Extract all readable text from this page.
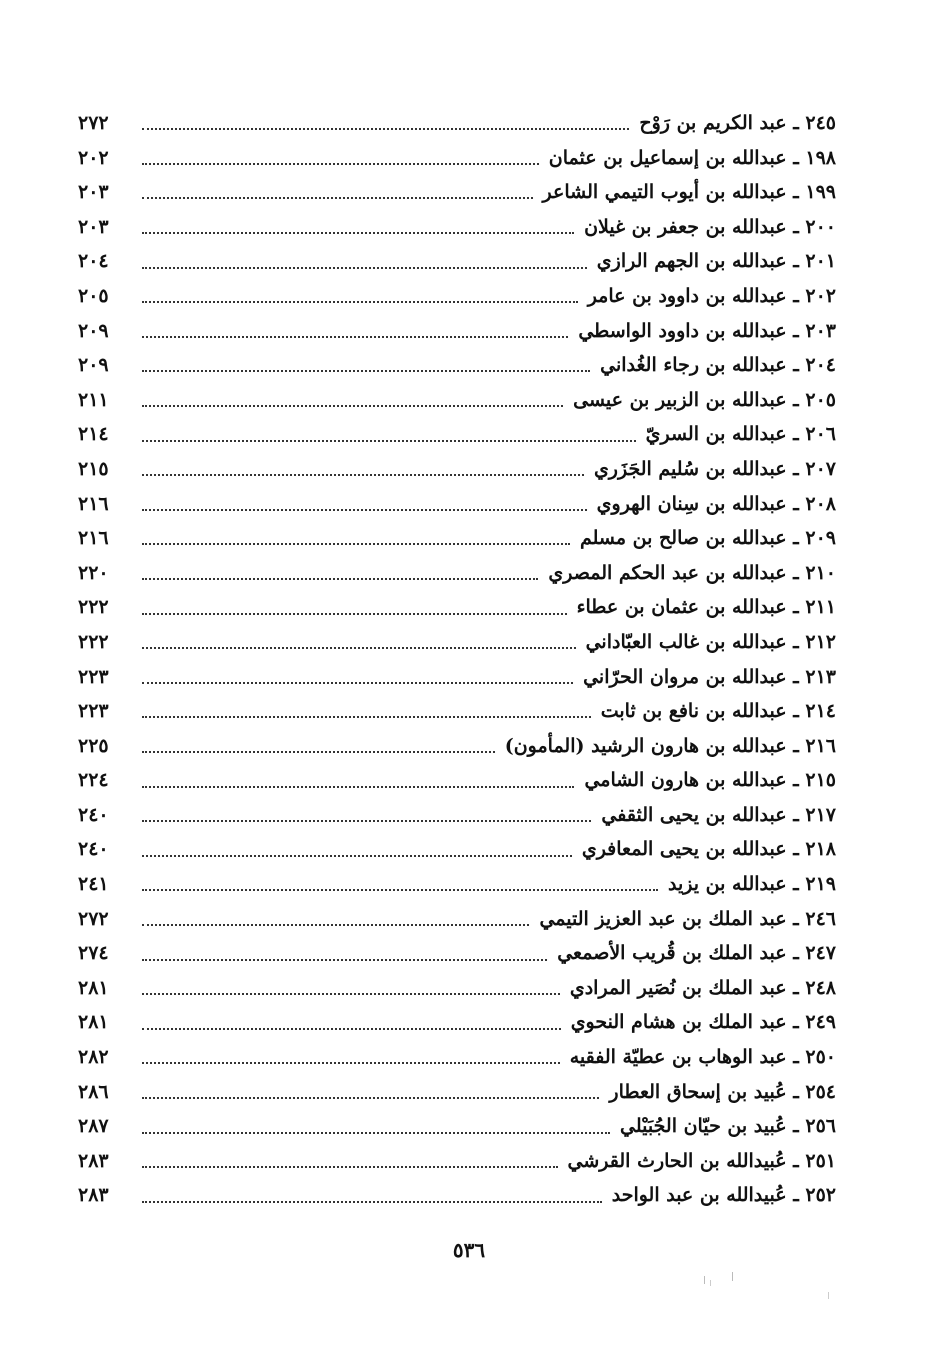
٢٤٥ ـ عبد الكريم بن رَوْح
٢٧٢
١٩٨ ـ عبدالله بن إسماعيل بن عثمان
٢٠٢
١٩٩ ـ عبدالله بن أيوب التيمي الشاعر
٢٠٣
٢٠٠ ـ عبدالله بن جعفر بن غيلان
٢٠٣
٢٠١ ـ عبدالله بن الجهم الرازي
٢٠٤
٢٠٢ ـ عبدالله بن داوود بن عامر
٢٠٥
٢٠٣ ـ عبدالله بن داوود الواسطي
٢٠٩
٢٠٤ ـ عبدالله بن رجاء الغُداني
٢٠٩
٢٠٥ ـ عبدالله بن الزبير بن عيسى
٢١١
٢٠٦ ـ عبدالله بن السريّ
٢١٤
٢٠٧ ـ عبدالله بن سُليم الجَزَري
٢١٥
٢٠٨ ـ عبدالله بن سِنان الهروي
٢١٦
٢٠٩ ـ عبدالله بن صالح بن مسلم
٢١٦
٢١٠ ـ عبدالله بن عبد الحكم المصري
٢٢٠
٢١١ ـ عبدالله بن عثمان بن عطاء
٢٢٢
٢١٢ ـ عبدالله بن غالب العبّاداني
٢٢٢
٢١٣ ـ عبدالله بن مروان الحرّاني
٢٢٣
٢١٤ ـ عبدالله بن نافع بن ثابت
٢٢٣
٢١٦ ـ عبدالله بن هارون الرشيد (المأمون)
٢٢٥
٢١٥ ـ عبدالله بن هارون الشامي
٢٢٤
٢١٧ ـ عبدالله بن يحيى الثقفي
٢٤٠
٢١٨ ـ عبدالله بن يحيى المعافري
٢٤٠
٢١٩ ـ عبدالله بن يزيد
٢٤١
٢٤٦ ـ عبد الملك بن عبد العزيز التيمي
٢٧٢
٢٤٧ ـ عبد الملك بن قُريب الأصمعي
٢٧٤
٢٤٨ ـ عبد الملك بن نُصَير المرادي
٢٨١
٢٤٩ ـ عبد الملك بن هشام النحوي
٢٨١
٢٥٠ ـ عبد الوهاب بن عطيّة الفقيه
٢٨٢
٢٥٤ ـ عُبيد بن إسحاق العطار
٢٨٦
٢٥٦ ـ عُبيد بن حيّان الجُبَيْلي
٢٨٧
٢٥١ ـ عُبيدالله بن الحارث القرشي
٢٨٣
٢٥٢ ـ عُبيدالله بن عبد الواحد
٢٨٣
٥٣٦
